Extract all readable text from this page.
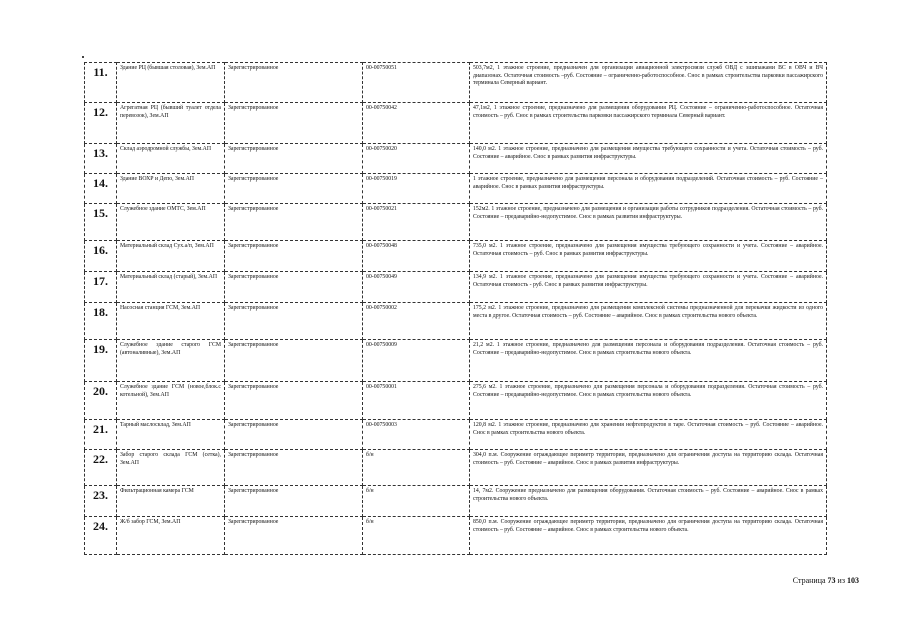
11.	Здание РЦ (бывшая столовая), Зем.АП	Зарегистрированное	00-00750051	503,7м2, 1 этажное строение, предназначен для организации авиационной электросвязи служб ОВД с эшипажами ВС в ОВЧ и ВЧ диапазонах. Остаточная стоимость –руб. Состояние – ограниченно-работоспособное. Снос в рамках строительства парковки пассажирского терминала Северный вариант.
12.	Агрегатная РЦ (бывший туалет отдела перевозок), Зем.АП	Зарегистрированное	00-00750042	47,1м2, 1 этажное строение, предназначено для размещения оборудования РЦ. Состояние – ограниченно-работоспособное. Остаточная стоимость – руб. Снос в рамках строительства парковки пассажирского терминала Северный вариант.
13.	Склад аэродромной службы, Зем.АП	Зарегистрированное	00-00750020	140,0 м2. 1 этажное строение, предназначено для размещения имущества требующего сохранности и учета. Остаточная стоимость – руб. Состояние – аварийное. Снос в рамках развития инфраструктуры.
14.	Здание ВОХР и Депо, Зем.АП	Зарегистрированное	00-00750019	1 этажное строение, предназначено для размещения персонала и оборудования подразделений. Остаточная стоимость – руб. Состояние – аварийное. Снос в рамках развития инфраструктуры.
15.	Служебное здание ОМТС, Зем.АП	Зарегистрированное	00-00750021	152м2. 1 этажное строение, предназначено для размещения и организации работы сотрудников подразделения. Остаточная стоимость – руб. Состояние – предаварийно-недопустимое. Снос в рамках развития инфраструктуры.
16.	Материальный склад Сух.а/п, Зем.АП	Зарегистрированное	00-00750048	735,0 м2. 1 этажное строение, предназначено для размещения имущества требующего сохранности и учета. Состояние – аварийное. Остаточная стоимость – руб. Снос в рамках развития инфраструктуры.
17.	Материальный склад (старый), Зем.АП	Зарегистрированное	00-00750049	134,9 м2. 1 этажное строение, предназначено для размещения имущества требующего сохранности и учета. Состояние – аварийное. Остаточная стоимость - руб. Снос в рамках развития инфраструктуры.
18.	Насосная станция ГСМ, Зем.АП	Зарегистрированное	00-00750002	175,2 м2. 1 этажное строение, предназначено для размещения комплексной системы предназначенной для перекачки жидкости из одного места в другое. Остаточная стоимость – руб. Состояние – аварийное. Снос в рамках строительства нового объекта.
19.	Служебное здание старого ГСМ (автоналивные), Зем.АП	Зарегистрированное	00-00750009	21,2 м2. 1 этажное строение, предназначено для размещения персонала и оборудования подразделения. Остаточная стоимость – руб. Состояние – предаварийно-недопустимое. Снос в рамках строительства нового объекта.
20.	Служебное здание ГСМ (новое,блок.с котельной), Зем.АП	Зарегистрированное	00-00750001	275,6 м2. 1 этажное строение, предназначено для размещения персонала и оборудования подразделения. Остаточная стоимость – руб. Состояние – предаварийно-недопустимое. Снос в рамках строительства нового объекта.
21.	Тарный маслосклад, Зем.АП	Зарегистрированное	00-00750003	120,8 м2. 1 этажное строение, предназначено для хранения нефтепродуктов в таре. Остаточная стоимость – руб. Состояние – аварийное. Снос в рамках строительства нового объекта.
22.	Забор старого склада ГСМ (сетка), Зем.АП	Зарегистрированное	б/н	304,0 п.м. Сооружение ограждающее периметр территории, предназначено для ограничения доступа на территорию склада. Остаточная стоимость – руб. Состояние – аварийное. Снос в рамках развития инфраструктуры.
23.	Фильтрационная камера ГСМ	Зарегистрированное	б/н	14, 7м2. Сооружение предназначено для размещения оборудования. Остаточная стоимость – руб. Состояние – аварийное. Снос в рамках строительства нового объекта.
24.	Ж/б забор ГСМ, Зем.АП	Зарегистрированное	б/н	850,0 п.м. Сооружение ограждающее периметр территории, предназначено для ограничения доступа на территорию склада. Остаточная стоимость – руб. Состояние – аварийное. Снос в рамках строительства нового объекта.
Страница 73 из 103
